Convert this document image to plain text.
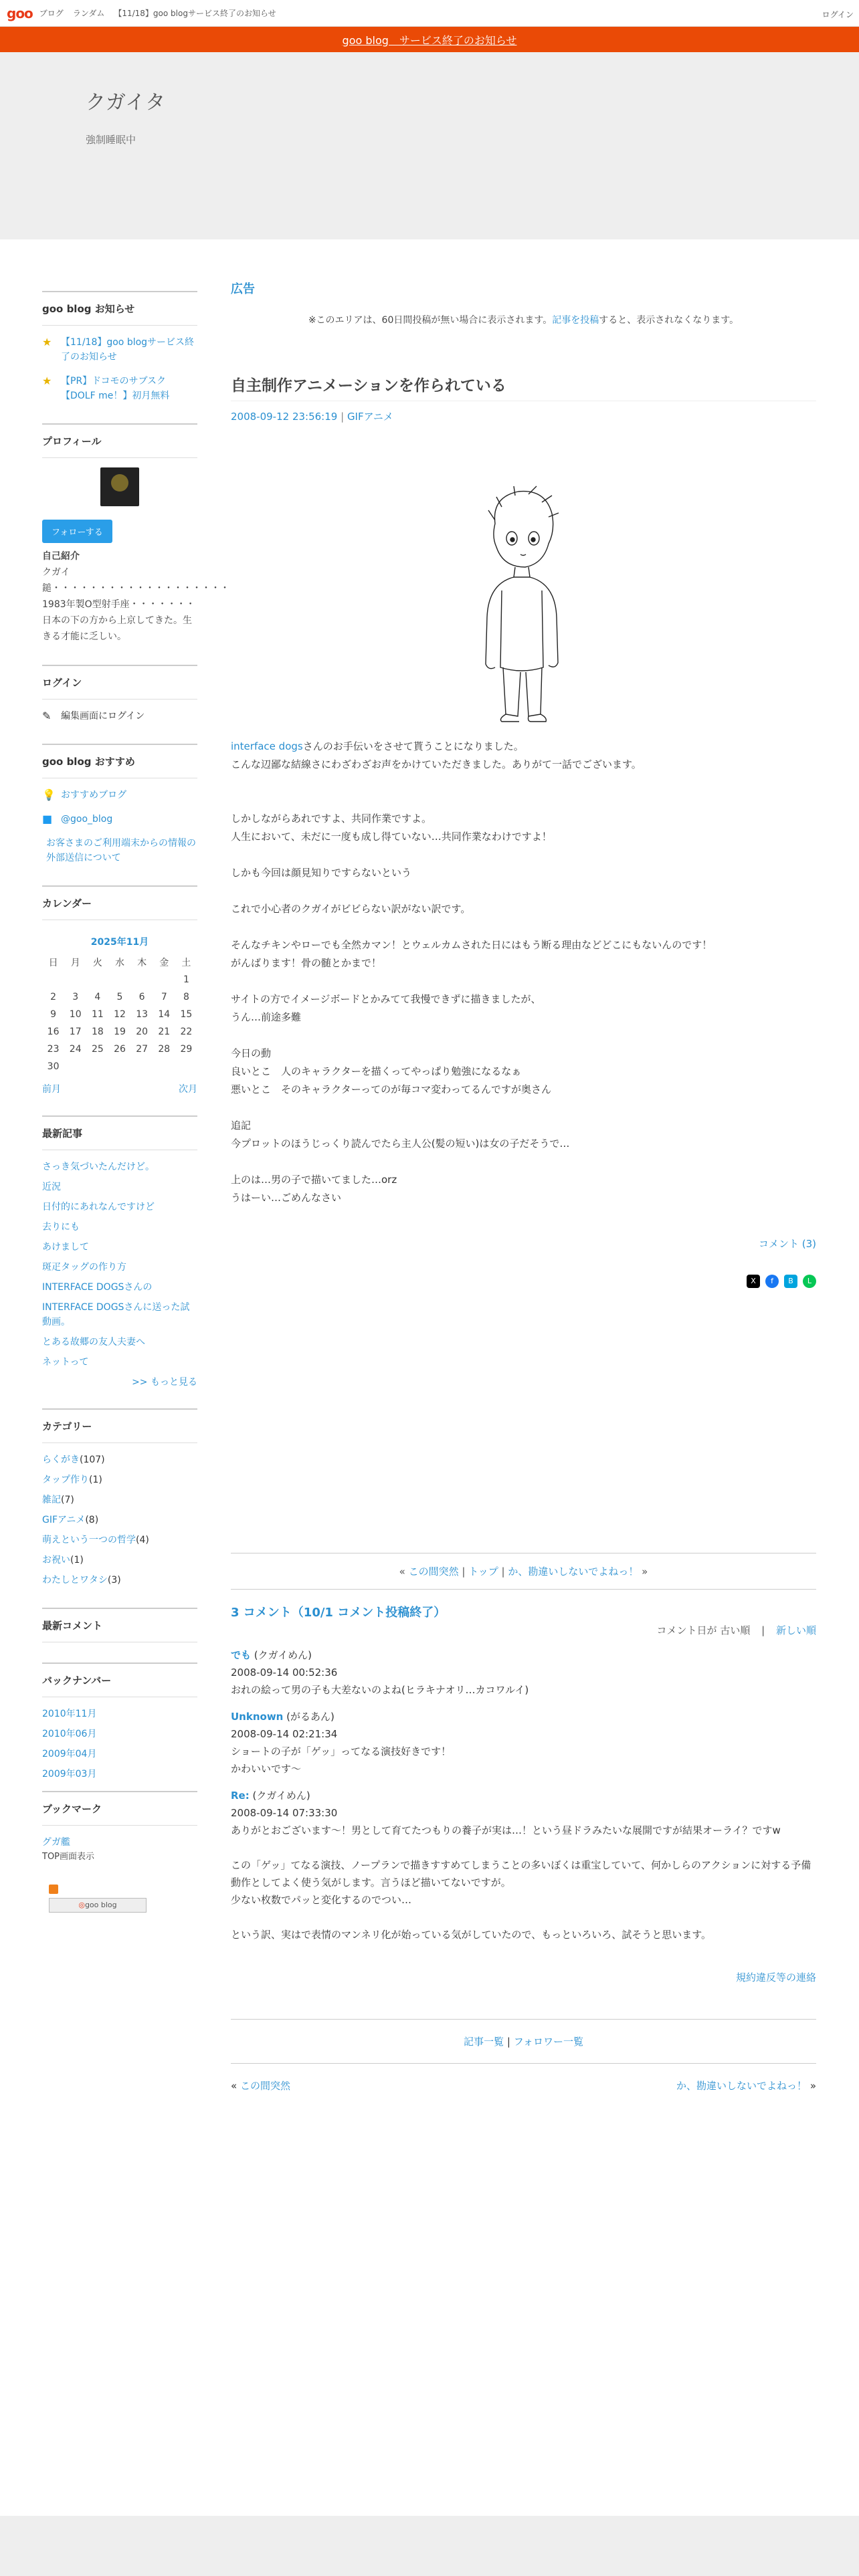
goo ブログ ランダム 【11/18】goo blogサービス終了のお知らせ	ログイン
goo blog　サービス終了のお知らせ
クガイタ
強制睡眠中
goo blog お知らせ
★ 【11/18】goo blogサービス終了のお知らせ
★ 【PR】ドコモのサブスク【DOLF me！】初月無料
プロフィール
フォローする

自己紹介

クガイ

鎚・・・・・・・・・・・・・・・・・・・

1983年製O型射手座・・・・・・・

日本の下の方から上京してきた。生きる才能に乏しい。

ログイン
✎	編集画面にログイン
goo blog おすすめ
💡 おすすめブログ
■ @goo_blog
お客さまのご利用端末からの情報の外部送信について
カレンダー
2025年11月
日	月	火	水	木	金	土
						1
2	3	4	5	6	7	8
9	10	11	12	13	14	15
16	17	18	19	20	21	22
23	24	25	26	27	28	29
30						
前月	次月
最新記事
さっき気づいたんだけど。
近況
日付的にあれなんですけど
去りにも
あけまして
斑疋タッグの作り方
INTERFACE DOGSさんの
INTERFACE DOGSさんに送った試動画。
とある故郷の友人夫妻へ
ネットって
>> もっと見る
カテゴリー
らくがき(107)
タップ作り(1)
雑記(7)
GIFアニメ(8)
萌えという一つの哲学(4)
お祝い(1)
わたしとワタシ(3)
最新コメント
バックナンバー
2010年11月
2010年06月
2009年04月
2009年03月
ブックマーク
ク゚ガ艦
TOP画面表示
◎goo blog
広告
※このエリアは、60日間投稿が無い場合に表示されます。記事を投稿すると、表示されなくなります。
自主制作アニメーションを作られている
2008-09-12 23:56:19 | GIFアニメ
interface dogsさんのお手伝いをさせて貰うことになりました。
こんな辺鄙な結線さにわざわざお声をかけていただきました。ありがて一話でございます。
しかしながらあれですよ、共同作業ですよ。
人生において、未だに一度も成し得ていない…共同作業なわけですよ！
しかも今回は顔見知りですらないという
これで小心者のクガイがビビらない訳がない訳です。
そんなチキンやローでも全然カマン！とウェルカムされた日にはもう断る理由などどこにもないんのです！
がんばります！骨の髄とかまで！
サイトの方でイメージボードとかみてて我慢できずに描きましたが、
うん…前途多難
今日の動
良いとこ　人のキャラクターを描くってやっぱり勉強になるなぁ
悪いとこ　そのキャラクターってのが毎コマ変わってるんですが奥さん
追記
今プロットのほうじっくり読んでたら主人公(髪の短い)は女の子だそうで…
上のは…男の子で描いてました…orz
うはーい…ごめんなさい
コメント (3)
X	f	B	L
« この間突然 | トップ | か、勘違いしないでよねっ！ »
3 コメント（10/1 コメント投稿終了）
コメント日が 古い順 | 新しい順
でも (クガイめん)
2008-09-14 00:52:36
おれの絵って男の子も大差ないのよね(ヒラキナオリ…カコワルイ)
Unknown (がるあん)
2008-09-14 02:21:34
ショートの子が「ゲッ」ってなる演技好きです！
かわいいです〜
Re: (クガイめん)
2008-09-14 07:33:30
ありがとおございます〜！男として育てたつもりの養子が実は…！という昼ドラみたいな展開ですが結果オーライ？ですw
この「ゲッ」てなる演技、ノープランで描きすすめてしまうことの多いぼくは重宝していて、何かしらのアクションに対する予備動作としてよく使う気がします。言うほど描いてないですが。
少ない枚数でパッと変化するのでつい…
という訳、実はで表情のマンネリ化が始っている気がしていたので、もっといろいろ、試そうと思います。
規約違反等の連絡
記事一覧 | フォロワー一覧
« この間突然	か、勘違いしないでよねっ！ »
